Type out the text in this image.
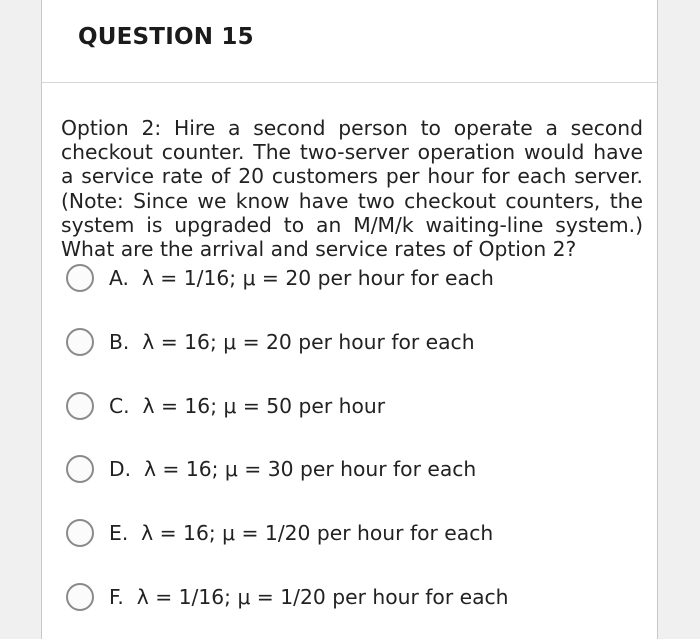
QUESTION 15
Option 2: Hire a second person to operate a second checkout counter. The two-server operation would have a service rate of 20 customers per hour for each server. (Note: Since we know have two checkout counters, the system is upgraded to an M/M/k waiting-line system.) What are the arrival and service rates of Option 2?
A.  λ = 1/16; μ = 20 per hour for each
B.  λ = 16; μ = 20 per hour for each
C.  λ = 16; μ = 50 per hour
D.  λ = 16; μ = 30 per hour for each
E.  λ = 16; μ = 1/20 per hour for each
F.  λ = 1/16; μ = 1/20 per hour for each
